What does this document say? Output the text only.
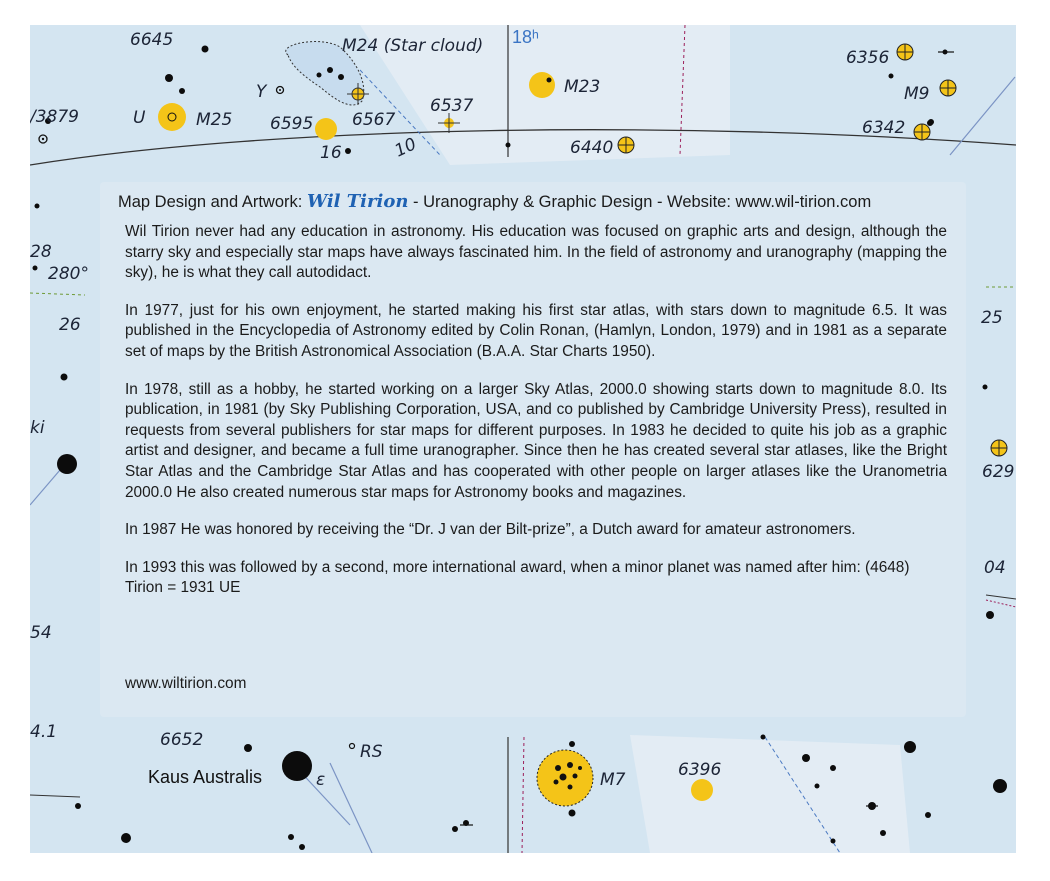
6645	M24 (Star cloud) 18ʰ
6356
M9
/3879	U	M25
Y
6595 6567
6537
M23
6342
16	10	6440
28
280°
26
ki
25
629
04
54
4.1	6652
RS
Kaus Australis	ε	M7	6396
Map Design and Artwork: Wil Tirion - Uranography & Graphic Design - Website: www.wil-tirion.com

Wil Tirion never had any education in astronomy. His education was focused on graphic arts and design, although the starry sky and especially star maps have always fascinated him. In the field of astronomy and uranography (mapping the sky), he is what they call autodidact.

In 1977, just for his own enjoyment, he started making his first star atlas, with stars down to magnitude 6.5. It was published in the Encyclopedia of Astronomy edited by Colin Ronan, (Hamlyn, London, 1979) and in 1981 as a separate set of maps by the British Astronomical Association (B.A.A. Star Charts 1950).

In 1978, still as a hobby, he started working on a larger Sky Atlas, 2000.0 showing starts down to magnitude 8.0. Its publication, in 1981 (by Sky Publishing Corporation, USA, and co published by Cambridge University Press), resulted in requests from several publishers for star maps for different purposes. In 1983 he decided to quite his job as a graphic artist and designer, and became a full time uranographer. Since then he has created several star atlases, like the Bright Star Atlas and the Cambridge Star Atlas and has cooperated with other people on larger atlases like the Uranometria 2000.0 He also created numerous star maps for Astronomy books and magazines.

In 1987 He was honored by receiving the “Dr. J van der Bilt-prize”, a Dutch award for amateur astronomers.

In 1993 this was followed by a second, more international award, when a minor planet was named after him: (4648) Tirion = 1931 UE

www.wiltirion.com
